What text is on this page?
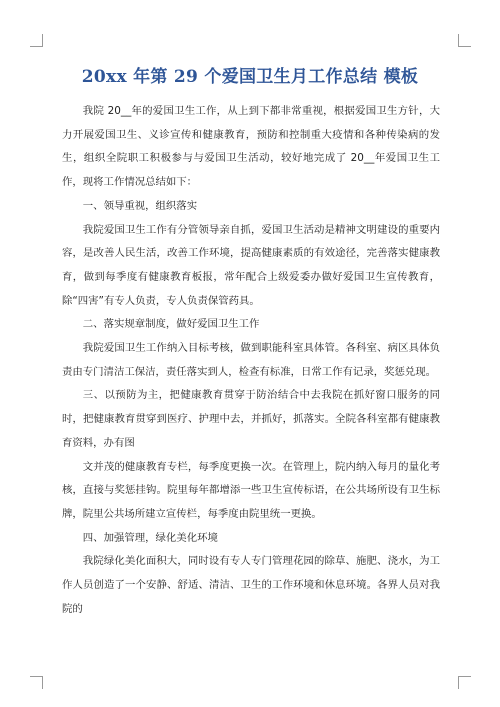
20xx 年第 29 个爱国卫生月工作总结 模板

我院 20__年的爱国卫生工作，从上到下都非常重视，根据爱国卫生方针，大力开展爱国卫生、义诊宣传和健康教育，预防和控制重大疫情和各种传染病的发生，组织全院职工积极参与与爱国卫生活动，较好地完成了 20__年爱国卫生工作，现将工作情况总结如下：

一、领导重视，组织落实

我院爱国卫生工作有分管领导亲自抓，爱国卫生活动是精神文明建设的重要内容，是改善人民生活，改善工作环境，提高健康素质的有效途径，完善落实健康教育，做到每季度有健康教育板报，常年配合上级爱委办做好爱国卫生宣传教育，除“四害”有专人负责，专人负责保管药具。

二、落实规章制度，做好爱国卫生工作

我院爱国卫生工作纳入目标考核，做到职能科室具体管。各科室、病区具体负责由专门清洁工保洁，责任落实到人，检查有标准，日常工作有记录，奖惩兑现。

三、以预防为主，把健康教育贯穿于防治结合中去我院在抓好窗口服务的同时，把健康教育贯穿到医疗、护理中去，并抓好，抓落实。全院各科室都有健康教育资料，办有图

文并茂的健康教育专栏，每季度更换一次。在管理上，院内纳入每月的量化考核，直接与奖惩挂钩。院里每年都增添一些卫生宣传标语，在公共场所设有卫生标牌，院里公共场所建立宣传栏，每季度由院里统一更换。

四、加强管理，绿化美化环境

我院绿化美化面积大，同时设有专人专门管理花园的除草、施肥、浇水，为工作人员创造了一个安静、舒适、清洁、卫生的工作环境和休息环境。各界人员对我院的
